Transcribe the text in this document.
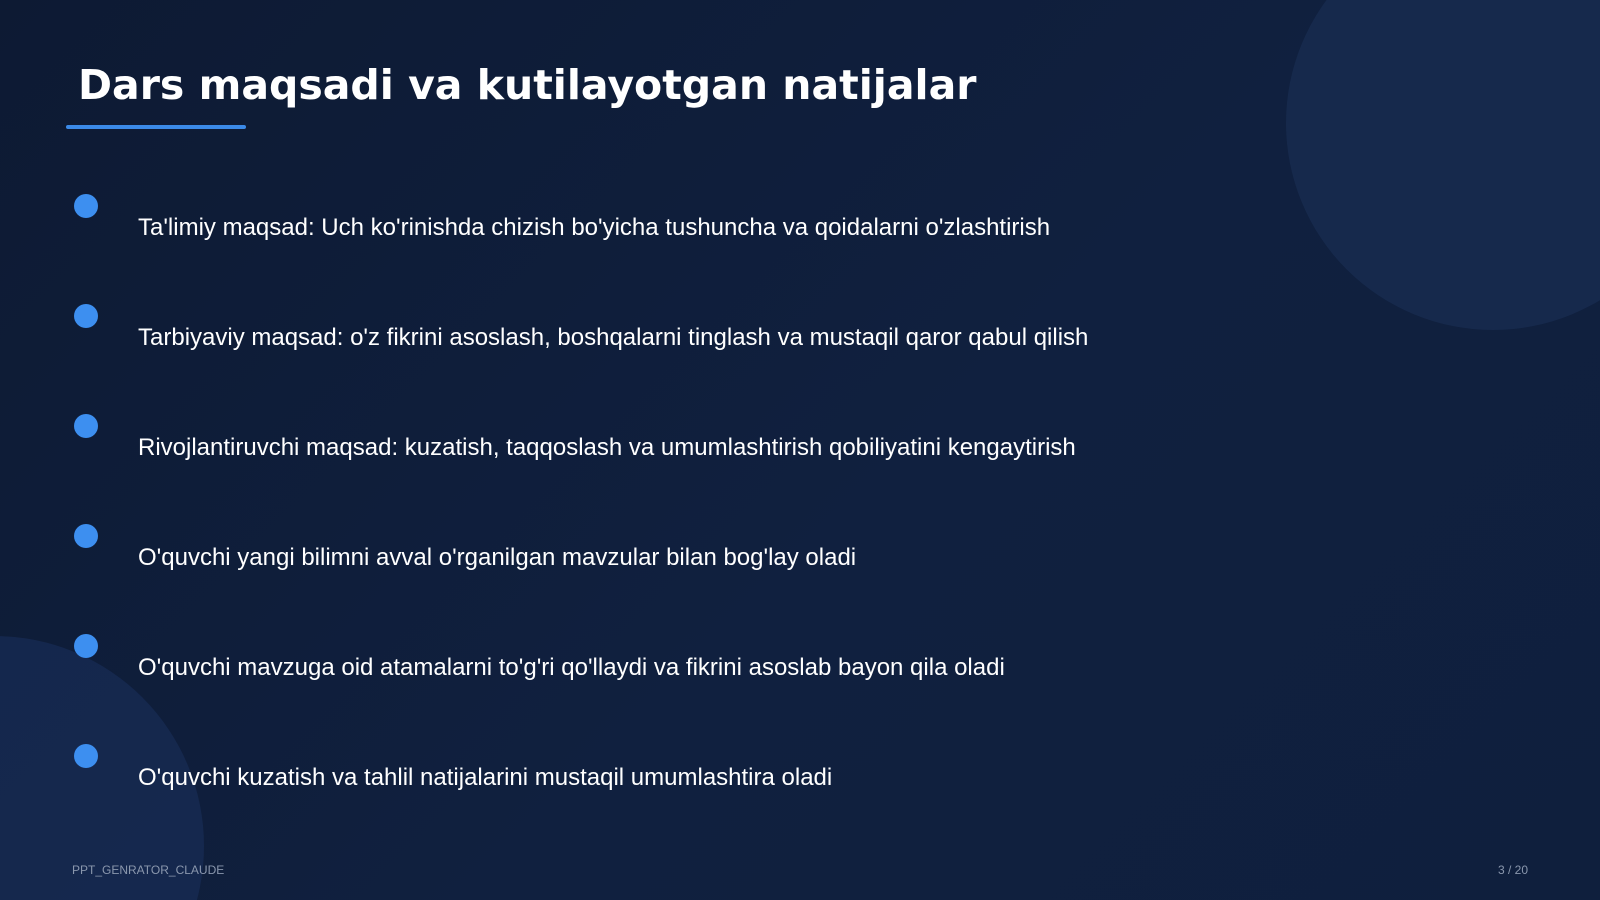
Dars maqsadi va kutilayotgan natijalar
Ta'limiy maqsad: Uch ko'rinishda chizish bo'yicha tushuncha va qoidalarni o'zlashtirish
Tarbiyaviy maqsad: o'z fikrini asoslash, boshqalarni tinglash va mustaqil qaror qabul qilish
Rivojlantiruvchi maqsad: kuzatish, taqqoslash va umumlashtirish qobiliyatini kengaytirish
O'quvchi yangi bilimni avval o'rganilgan mavzular bilan bog'lay oladi
O'quvchi mavzuga oid atamalarni to'g'ri qo'llaydi va fikrini asoslab bayon qila oladi
O'quvchi kuzatish va tahlil natijalarini mustaqil umumlashtira oladi
PPT_GENRATOR_CLAUDE	3 / 20
